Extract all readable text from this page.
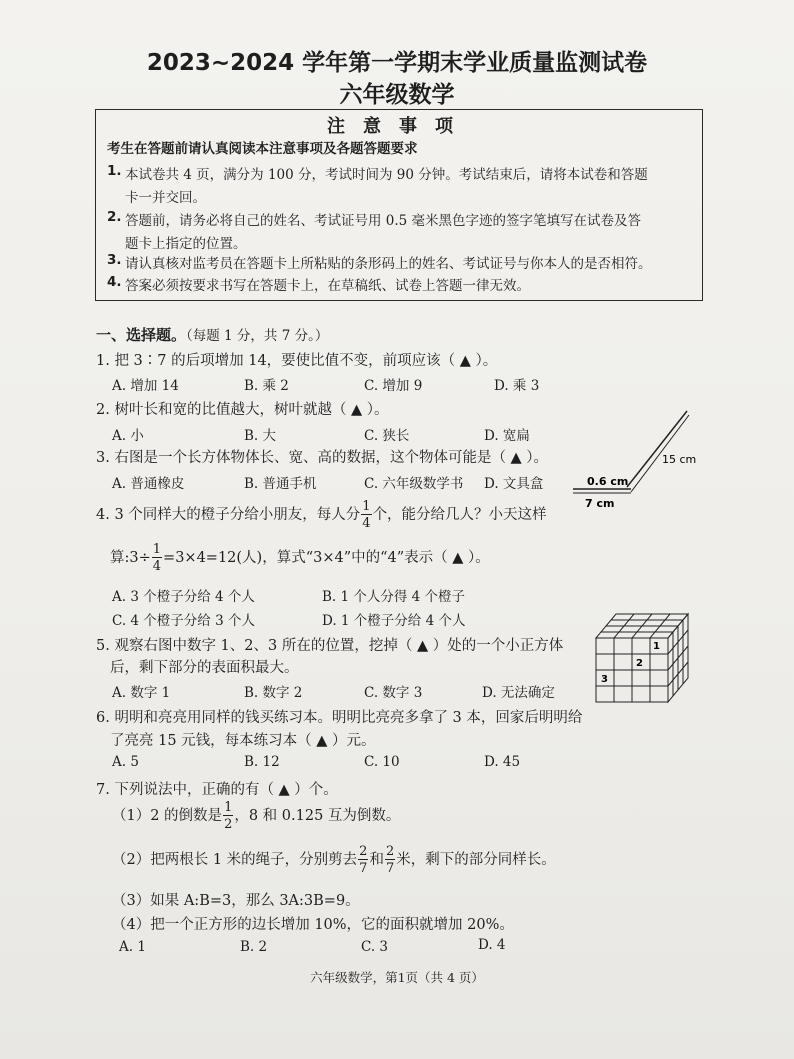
2023~2024 学年第一学期末学业质量监测试卷
六年级数学
注意事项
考生在答题前请认真阅读本注意事项及各题答题要求
1. 本试卷共 4 页，满分为 100 分，考试时间为 90 分钟。考试结束后，请将本试卷和答题
卡一并交回。
2. 答题前，请务必将自己的姓名、考试证号用 0.5 毫米黑色字迹的签字笔填写在试卷及答
题卡上指定的位置。
3. 请认真核对监考员在答题卡上所粘贴的条形码上的姓名、考试证号与你本人的是否相符。
4. 答案必须按要求书写在答题卡上，在草稿纸、试卷上答题一律无效。
一、选择题。（每题 1 分，共 7 分。）
1. 把 3∶7 的后项增加 14，要使比值不变，前项应该（ ▲ ）。
A. 增加 14	B. 乘 2	C. 增加 9	D. 乘 3
2. 树叶长和宽的比值越大，树叶就越（ ▲ ）。
A. 小	B. 大	C. 狭长	D. 宽扁
3. 右图是一个长方体物体长、宽、高的数据，这个物体可能是（ ▲ ）。
A. 普通橡皮	B. 普通手机	C. 六年级数学书 D. 文具盒
15 cm
0.6 cm
7 cm
4. 3 个同样大的橙子分给小朋友，每人分 $\frac{1}{4}$ 个，能分给几人？小天这样
算:3÷ $\frac{1}{4} =3\times 4=12$(人)，算式“3×4”中的“4”表示（ ▲ ）。
A. 3 个橙子分给 4 个人	B. 1 个人分得 4 个橙子
C. 4 个橙子分给 3 个人	D. 1 个橙子分给 4 个人
5. 观察右图中数字 1、2、3 所在的位置，挖掉（ ▲ ）处的一个小正方体
后，剩下部分的表面积最大。
A. 数字 1	B. 数字 2	C. 数字 3	D. 无法确定
1
2
3
6. 明明和亮亮用同样的钱买练习本。明明比亮亮多拿了 3 本，回家后明明给
了亮亮 15 元钱，每本练习本（ ▲ ）元。
A. 5	B. 12	C. 10	D. 45
7. 下列说法中，正确的有（ ▲ ）个。
（1）2 的倒数是 $\frac{1}{2}$ ，8 和 0.125 互为倒数。
（2）把两根长 1 米的绳子，分别剪去 $\frac{2}{7}$ 和 $\frac{2}{7}$ 米，剩下的部分同样长。
（3）如果 A:B=3，那么 3A:3B=9。
（4）把一个正方形的边长增加 10%，它的面积就增加 20%。
A. 1	B. 2	C. 3	D. 4
六年级数学，第1页（共 4 页）
